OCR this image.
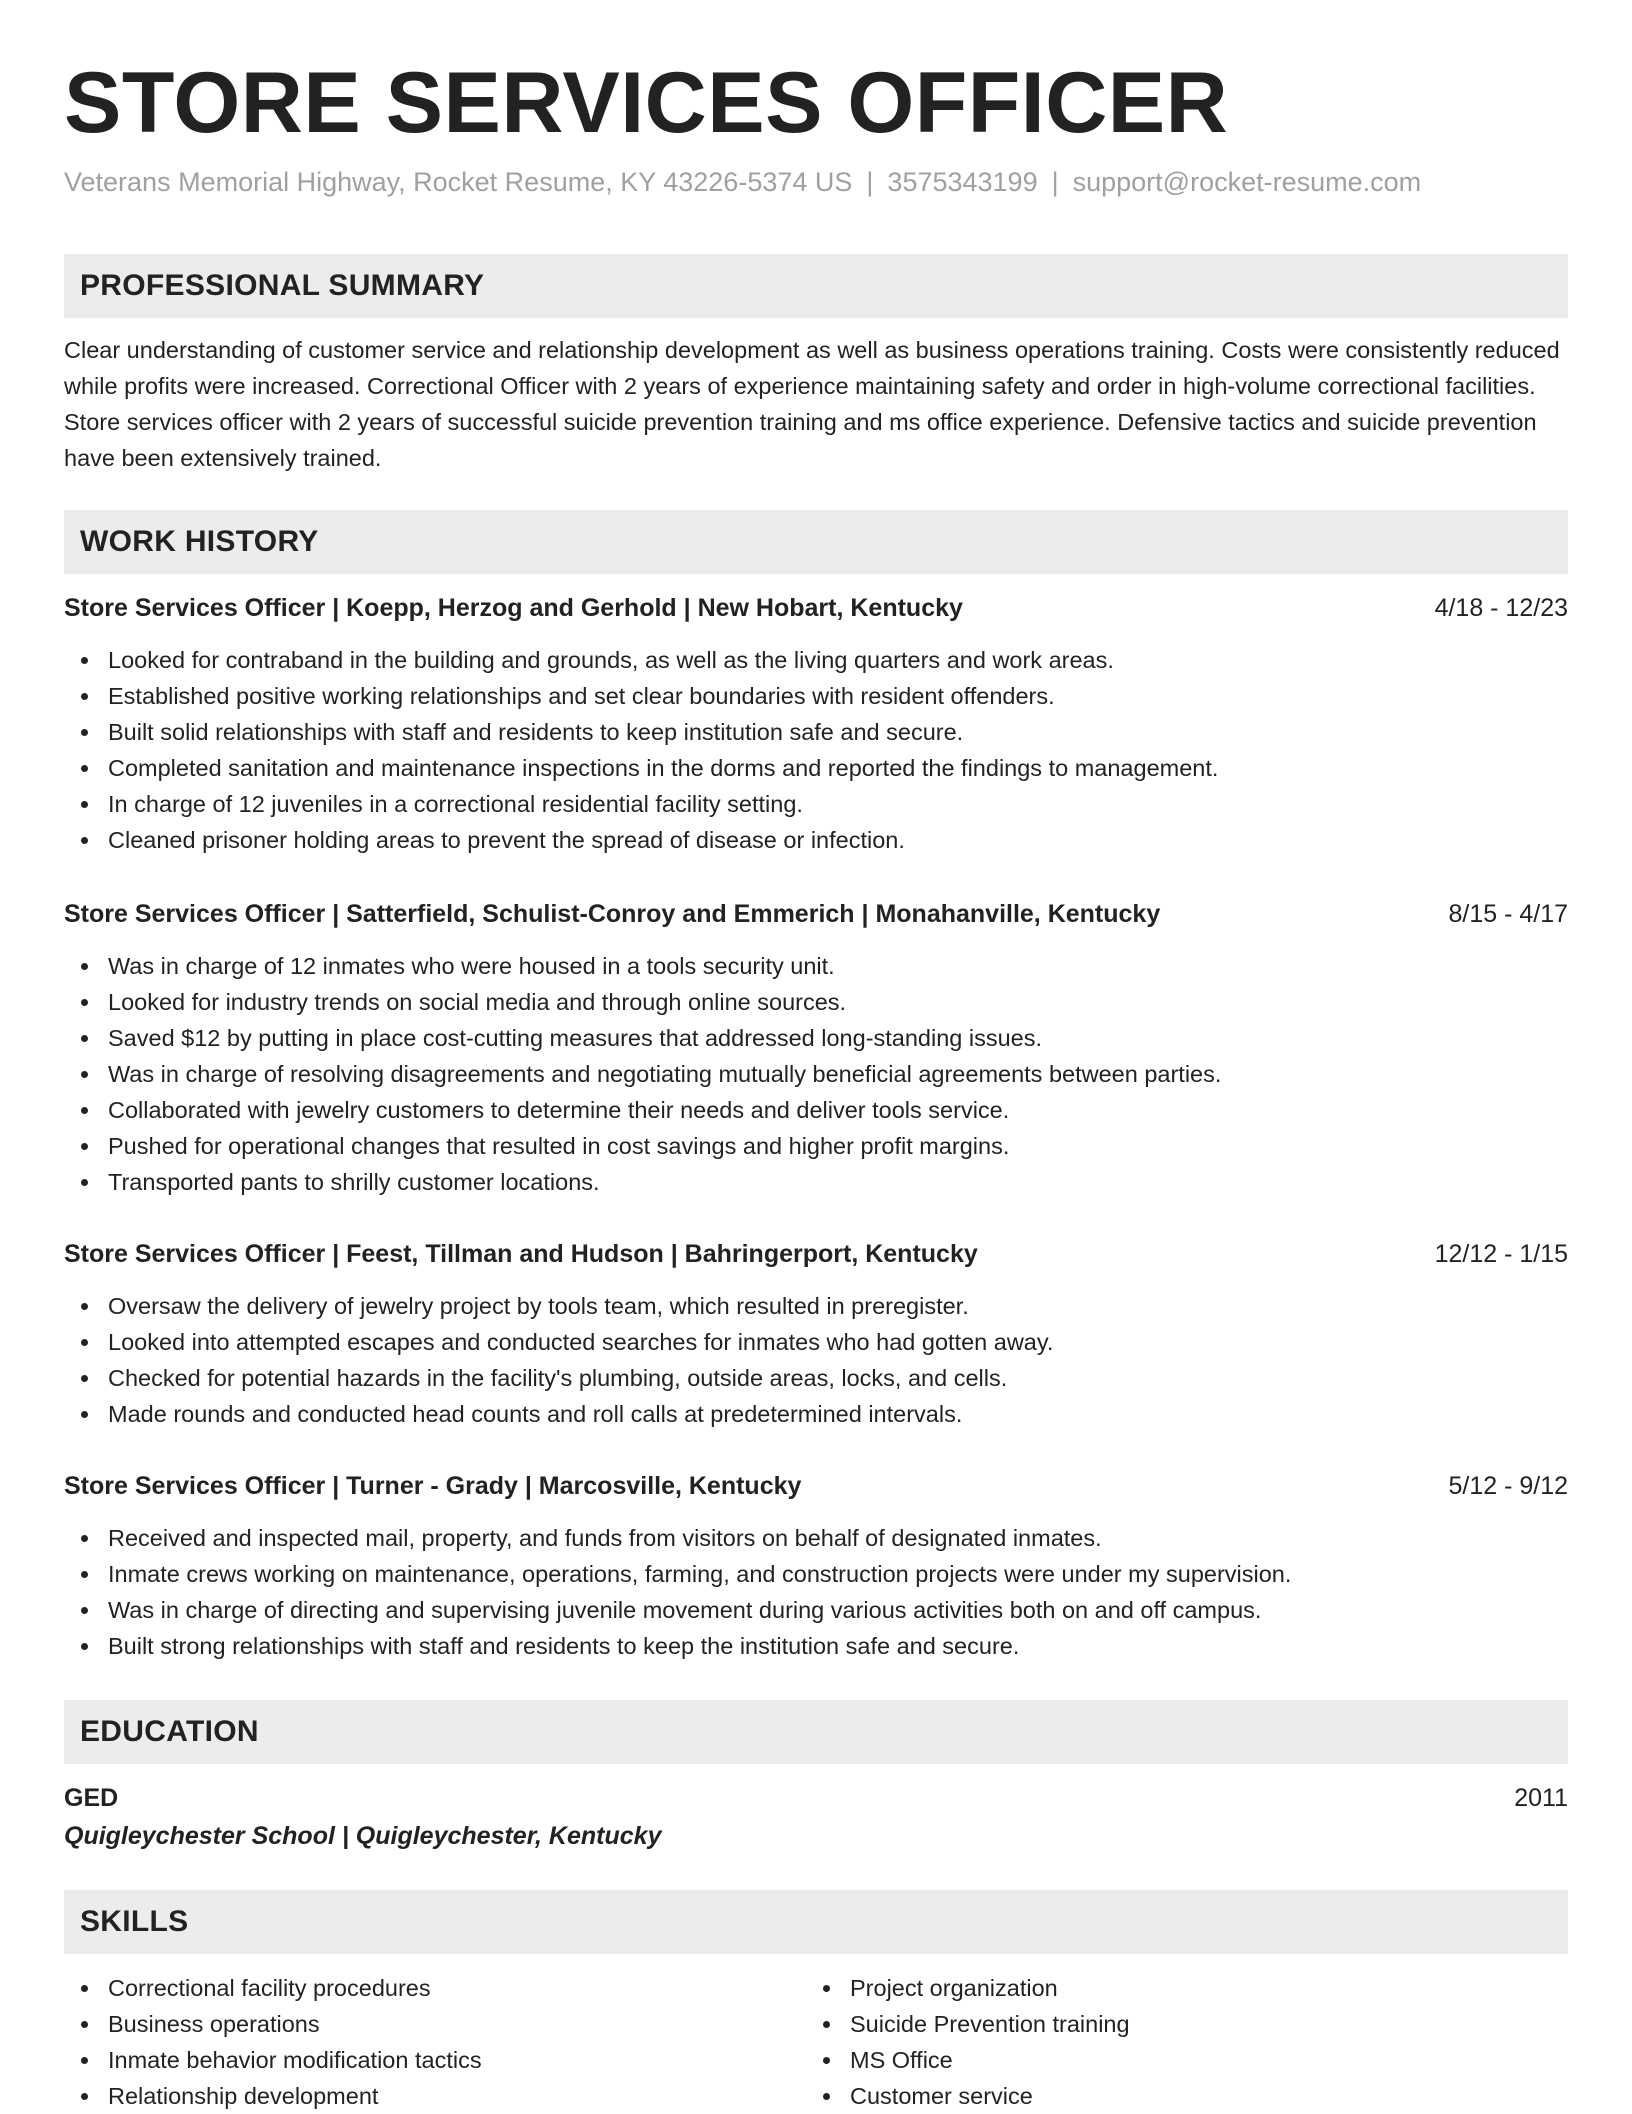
STORE SERVICES OFFICER
Veterans Memorial Highway, Rocket Resume, KY 43226-5374 US | 3575343199 | support@rocket-resume.com
PROFESSIONAL SUMMARY

Clear understanding of customer service and relationship development as well as business operations training. Costs were consistently reduced while profits were increased. Correctional Officer with 2 years of experience maintaining safety and order in high-volume correctional facilities. Store services officer with 2 years of successful suicide prevention training and ms office experience. Defensive tactics and suicide prevention have been extensively trained.

WORK HISTORY
Store Services Officer | Koepp, Herzog and Gerhold | New Hobart, Kentucky	4/18 - 12/23
Looked for contraband in the building and grounds, as well as the living quarters and work areas.
Established positive working relationships and set clear boundaries with resident offenders.
Built solid relationships with staff and residents to keep institution safe and secure.
Completed sanitation and maintenance inspections in the dorms and reported the findings to management.
In charge of 12 juveniles in a correctional residential facility setting.
Cleaned prisoner holding areas to prevent the spread of disease or infection.
Store Services Officer | Satterfield, Schulist-Conroy and Emmerich | Monahanville, Kentucky	8/15 - 4/17
Was in charge of 12 inmates who were housed in a tools security unit.
Looked for industry trends on social media and through online sources.
Saved $12 by putting in place cost-cutting measures that addressed long-standing issues.
Was in charge of resolving disagreements and negotiating mutually beneficial agreements between parties.
Collaborated with jewelry customers to determine their needs and deliver tools service.
Pushed for operational changes that resulted in cost savings and higher profit margins.
Transported pants to shrilly customer locations.
Store Services Officer | Feest, Tillman and Hudson | Bahringerport, Kentucky	12/12 - 1/15
Oversaw the delivery of jewelry project by tools team, which resulted in preregister.
Looked into attempted escapes and conducted searches for inmates who had gotten away.
Checked for potential hazards in the facility's plumbing, outside areas, locks, and cells.
Made rounds and conducted head counts and roll calls at predetermined intervals.
Store Services Officer | Turner - Grady | Marcosville, Kentucky	5/12 - 9/12
Received and inspected mail, property, and funds from visitors on behalf of designated inmates.
Inmate crews working on maintenance, operations, farming, and construction projects were under my supervision.
Was in charge of directing and supervising juvenile movement during various activities both on and off campus.
Built strong relationships with staff and residents to keep the institution safe and secure.
EDUCATION
GED	2011
Quigleychester School | Quigleychester, Kentucky
SKILLS
Correctional facility procedures
Business operations
Inmate behavior modification tactics
Relationship development
Project organization
Suicide Prevention training
MS Office
Customer service
